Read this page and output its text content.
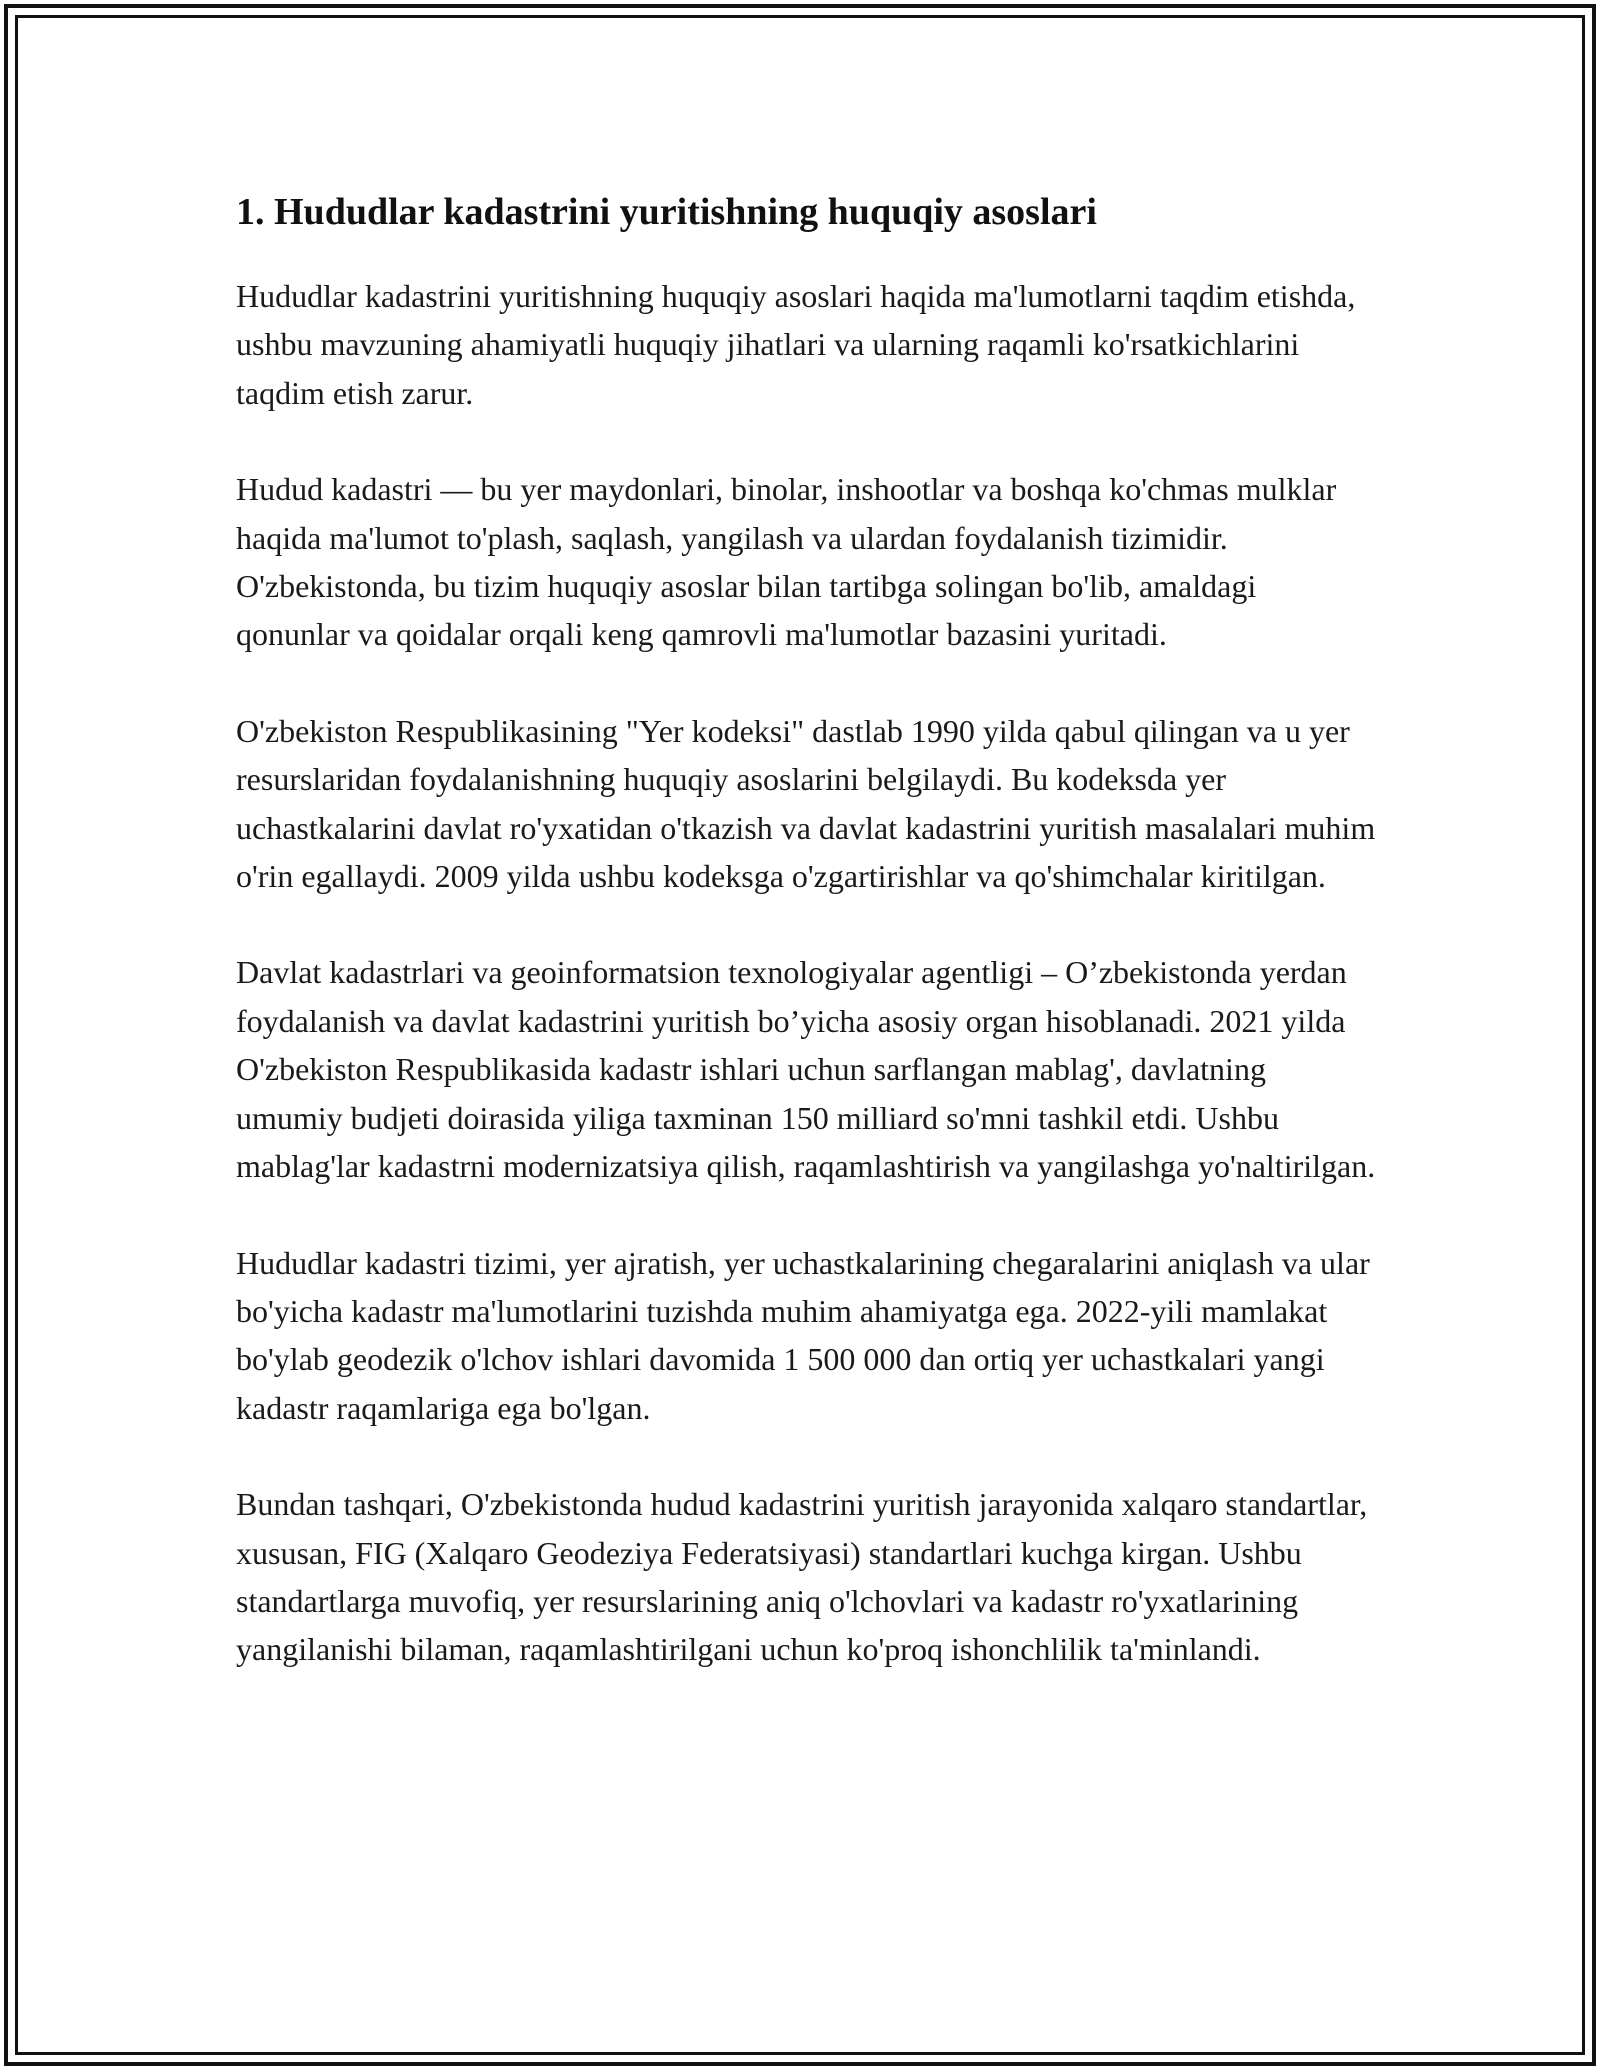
1. Hududlar kadastrini yuritishning huquqiy asoslari

Hududlar kadastrini yuritishning huquqiy asoslari haqida ma'lumotlarni taqdim etishda, ushbu mavzuning ahamiyatli huquqiy jihatlari va ularning raqamli ko'rsatkichlarini taqdim etish zarur.

Hudud kadastri — bu yer maydonlari, binolar, inshootlar va boshqa ko'chmas mulklar haqida ma'lumot to'plash, saqlash, yangilash va ulardan foydalanish tizimidir. O'zbekistonda, bu tizim huquqiy asoslar bilan tartibga solingan bo'lib, amaldagi qonunlar va qoidalar orqali keng qamrovli ma'lumotlar bazasini yuritadi.

O'zbekiston Respublikasining "Yer kodeksi" dastlab 1990 yilda qabul qilingan va u yer resurslaridan foydalanishning huquqiy asoslarini belgilaydi. Bu kodeksda yer uchastkalarini davlat ro'yxatidan o'tkazish va davlat kadastrini yuritish masalalari muhim o'rin egallaydi. 2009 yilda ushbu kodeksga o'zgartirishlar va qo'shimchalar kiritilgan.

Davlat kadastrlari va geoinformatsion texnologiyalar agentligi – O’zbekistonda yerdan foydalanish va davlat kadastrini yuritish bo’yicha asosiy organ hisoblanadi. 2021 yilda O'zbekiston Respublikasida kadastr ishlari uchun sarflangan mablag', davlatning umumiy budjeti doirasida yiliga taxminan 150 milliard so'mni tashkil etdi. Ushbu mablag'lar kadastrni modernizatsiya qilish, raqamlashtirish va yangilashga yo'naltirilgan.

Hududlar kadastri tizimi, yer ajratish, yer uchastkalarining chegaralarini aniqlash va ular bo'yicha kadastr ma'lumotlarini tuzishda muhim ahamiyatga ega. 2022-yili mamlakat bo'ylab geodezik o'lchov ishlari davomida 1 500 000 dan ortiq yer uchastkalari yangi kadastr raqamlariga ega bo'lgan.

Bundan tashqari, O'zbekistonda hudud kadastrini yuritish jarayonida xalqaro standartlar, xususan, FIG (Xalqaro Geodeziya Federatsiyasi) standartlari kuchga kirgan. Ushbu standartlarga muvofiq, yer resurslarining aniq o'lchovlari va kadastr ro'yxatlarining yangilanishi bilaman, raqamlashtirilgani uchun ko'proq ishonchlilik ta'minlandi.
